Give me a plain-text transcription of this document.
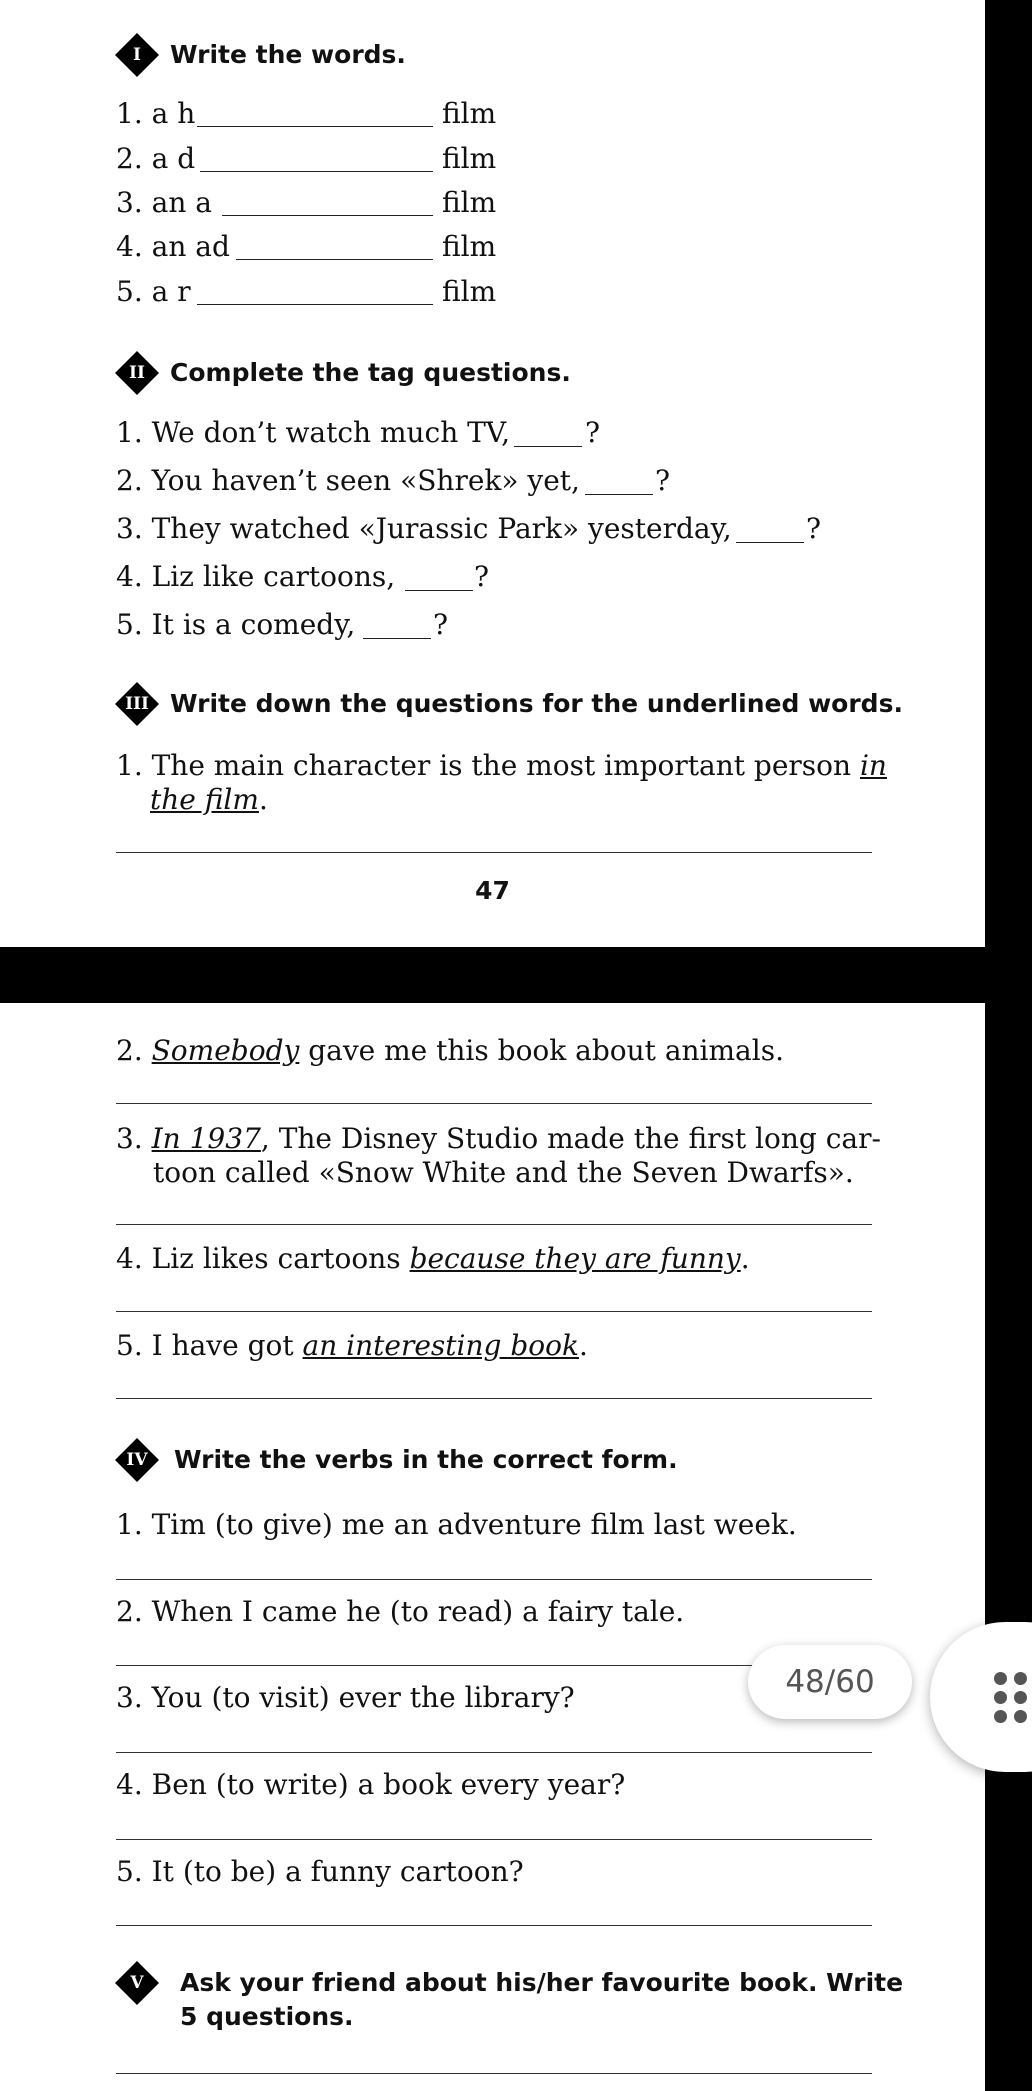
I	Write the words.
1. a h	film
2. a d	film
3. an a	film
4. an ad	film
5. a r	film
II	Complete the tag questions.
1. We don’t watch much TV,	?
2. You haven’t seen «Shrek» yet,	?
3. They watched «Jurassic Park» yesterday,	?
4. Liz like cartoons,	?
5. It is a comedy,	?
III Write down the questions for the underlined words.
1. The main character is the most important person in
the film.
47
2. Somebody gave me this book about animals.
3. In 1937, The Disney Studio made the first long car-
toon called «Snow White and the Seven Dwarfs».
4. Liz likes cartoons because they are funny.
5. I have got an interesting book.
IV	Write the verbs in the correct form.
1. Tim (to give) me an adventure film last week.
2. When I came he (to read) a fairy tale.
3. You (to visit) ever the library?
4. Ben (to write) a book every year?
5. It (to be) a funny cartoon?
V	Ask your friend about his/her favourite book. Write
5 questions.
48/60
